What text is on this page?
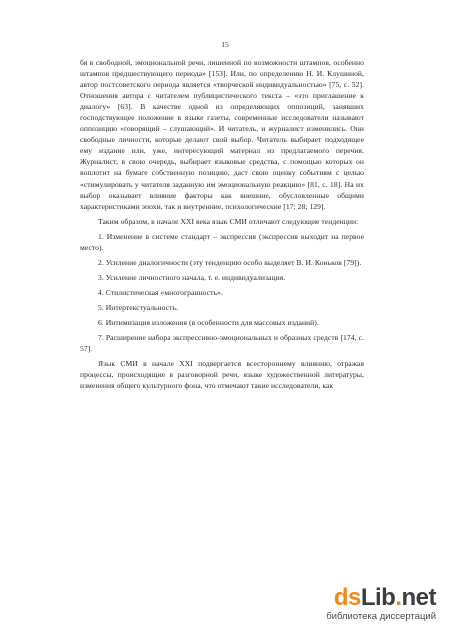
15

бя в свободной, эмоциональной речи, лишенной по возможности штампов, особенно штампов предшествующего периода» [153]. Или, по определению Н. И. Клушиной, автор постсоветского периода является «творческой индивидуальностью» [75, с. 52]. Отношения автора с читателем публицистического текста – «это приглашение к диалогу» [63]. В качестве одной из определяющих оппозиций, занявших господствующее положение в языке газеты, современные исследователи называют оппозицию «говорящий – слушающий». И читатель, и журналист изменились. Они свободные личности, которые делают свой выбор. Читатель выбирает подходящее ему издание или, уже, интересующий материал из предлагаемого перечня. Журналист, в свою очередь, выбирает языковые средства, с помощью которых он воплотит на бумаге собственную позицию, даст свою оценку событиям с целью «стимулировать у читателя заданную им эмоциональную реакцию» [81, с. 18]. На их выбор оказывает влияние факторы как внешние, обусловленные общими характеристиками эпохи, так и внутренние, психологические [17; 28; 129].

Таким образом, в начале XXI века язык СМИ отличают следующие тенденции:

1. Изменение в системе стандарт – экспрессия (экспрессия выходит на первое место).

2. Усиление диалогичности (эту тенденцию особо выделяет В. И. Коньков [79]).

3. Усиление личностного начала, т. е. индивидуализация.

4. Стилистическая «многогранность».

5. Интертекстуальность.

6. Интимизация изложения (в особенности для массовых изданий).

7. Расширение набора экспрессивно-эмоциональных и образных средств [174, с. 57].

Язык СМИ в начале XXI подвергается всестороннему влиянию, отражая процессы, происходящие в разговорной речи, языке художественной литературы, изменения общего культурного фона, что отмечают такие исследователи, как

dsLib.net
библиотека диссертаций
